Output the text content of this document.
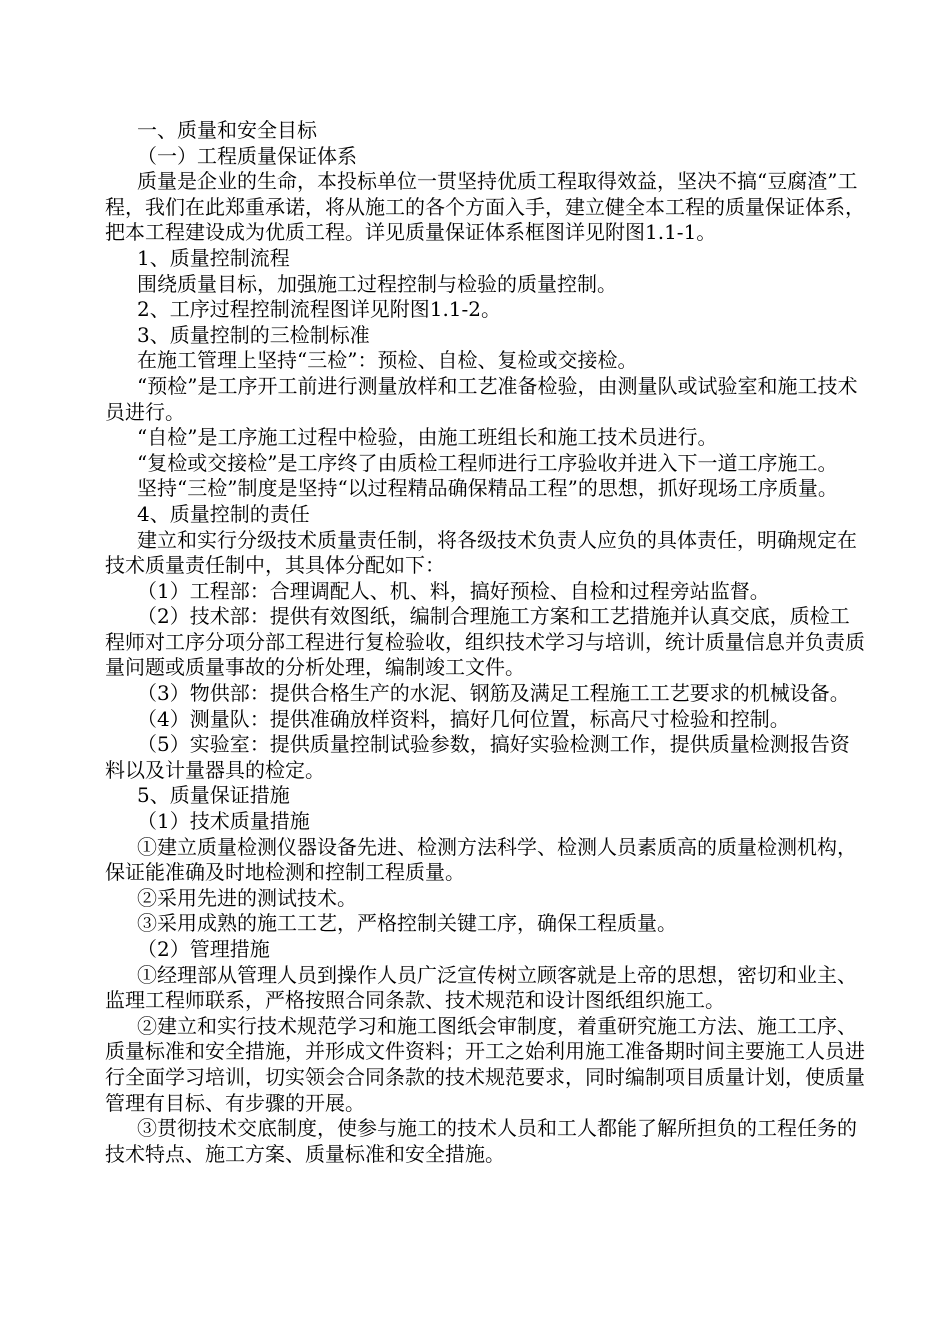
一、质量和安全目标

（一）工程质量保证体系

质量是企业的生命，本投标单位一贯坚持优质工程取得效益，坚决不搞“豆腐渣”工程，我们在此郑重承诺，将从施工的各个方面入手，建立健全本工程的质量保证体系，把本工程建设成为优质工程。详见质量保证体系框图详见附图1.1-1。

1、质量控制流程

围绕质量目标，加强施工过程控制与检验的质量控制。

2、工序过程控制流程图详见附图1.1-2。

3、质量控制的三检制标准

在施工管理上坚持“三检”：预检、自检、复检或交接检。

“预检”是工序开工前进行测量放样和工艺准备检验，由测量队或试验室和施工技术员进行。

“自检”是工序施工过程中检验，由施工班组长和施工技术员进行。

“复检或交接检”是工序终了由质检工程师进行工序验收并进入下一道工序施工。

坚持“三检”制度是坚持“以过程精品确保精品工程”的思想，抓好现场工序质量。

4、质量控制的责任

建立和实行分级技术质量责任制，将各级技术负责人应负的具体责任，明确规定在技术质量责任制中，其具体分配如下：

（1）工程部：合理调配人、机、料，搞好预检、自检和过程旁站监督。

（2）技术部：提供有效图纸，编制合理施工方案和工艺措施并认真交底，质检工程师对工序分项分部工程进行复检验收，组织技术学习与培训，统计质量信息并负责质量问题或质量事故的分析处理，编制竣工文件。

（3）物供部：提供合格生产的水泥、钢筋及满足工程施工工艺要求的机械设备。

（4）测量队：提供准确放样资料，搞好几何位置，标高尺寸检验和控制。

（5）实验室：提供质量控制试验参数，搞好实验检测工作，提供质量检测报告资料以及计量器具的检定。

5、质量保证措施

（1）技术质量措施

①建立质量检测仪器设备先进、检测方法科学、检测人员素质高的质量检测机构，保证能准确及时地检测和控制工程质量。

②采用先进的测试技术。

③采用成熟的施工工艺，严格控制关键工序，确保工程质量。

（2）管理措施

①经理部从管理人员到操作人员广泛宣传树立顾客就是上帝的思想，密切和业主、监理工程师联系，严格按照合同条款、技术规范和设计图纸组织施工。

②建立和实行技术规范学习和施工图纸会审制度，着重研究施工方法、施工工序、质量标准和安全措施，并形成文件资料；开工之始利用施工准备期时间主要施工人员进行全面学习培训，切实领会合同条款的技术规范要求，同时编制项目质量计划，使质量管理有目标、有步骤的开展。

③贯彻技术交底制度，使参与施工的技术人员和工人都能了解所担负的工程任务的技术特点、施工方案、质量标准和安全措施。
